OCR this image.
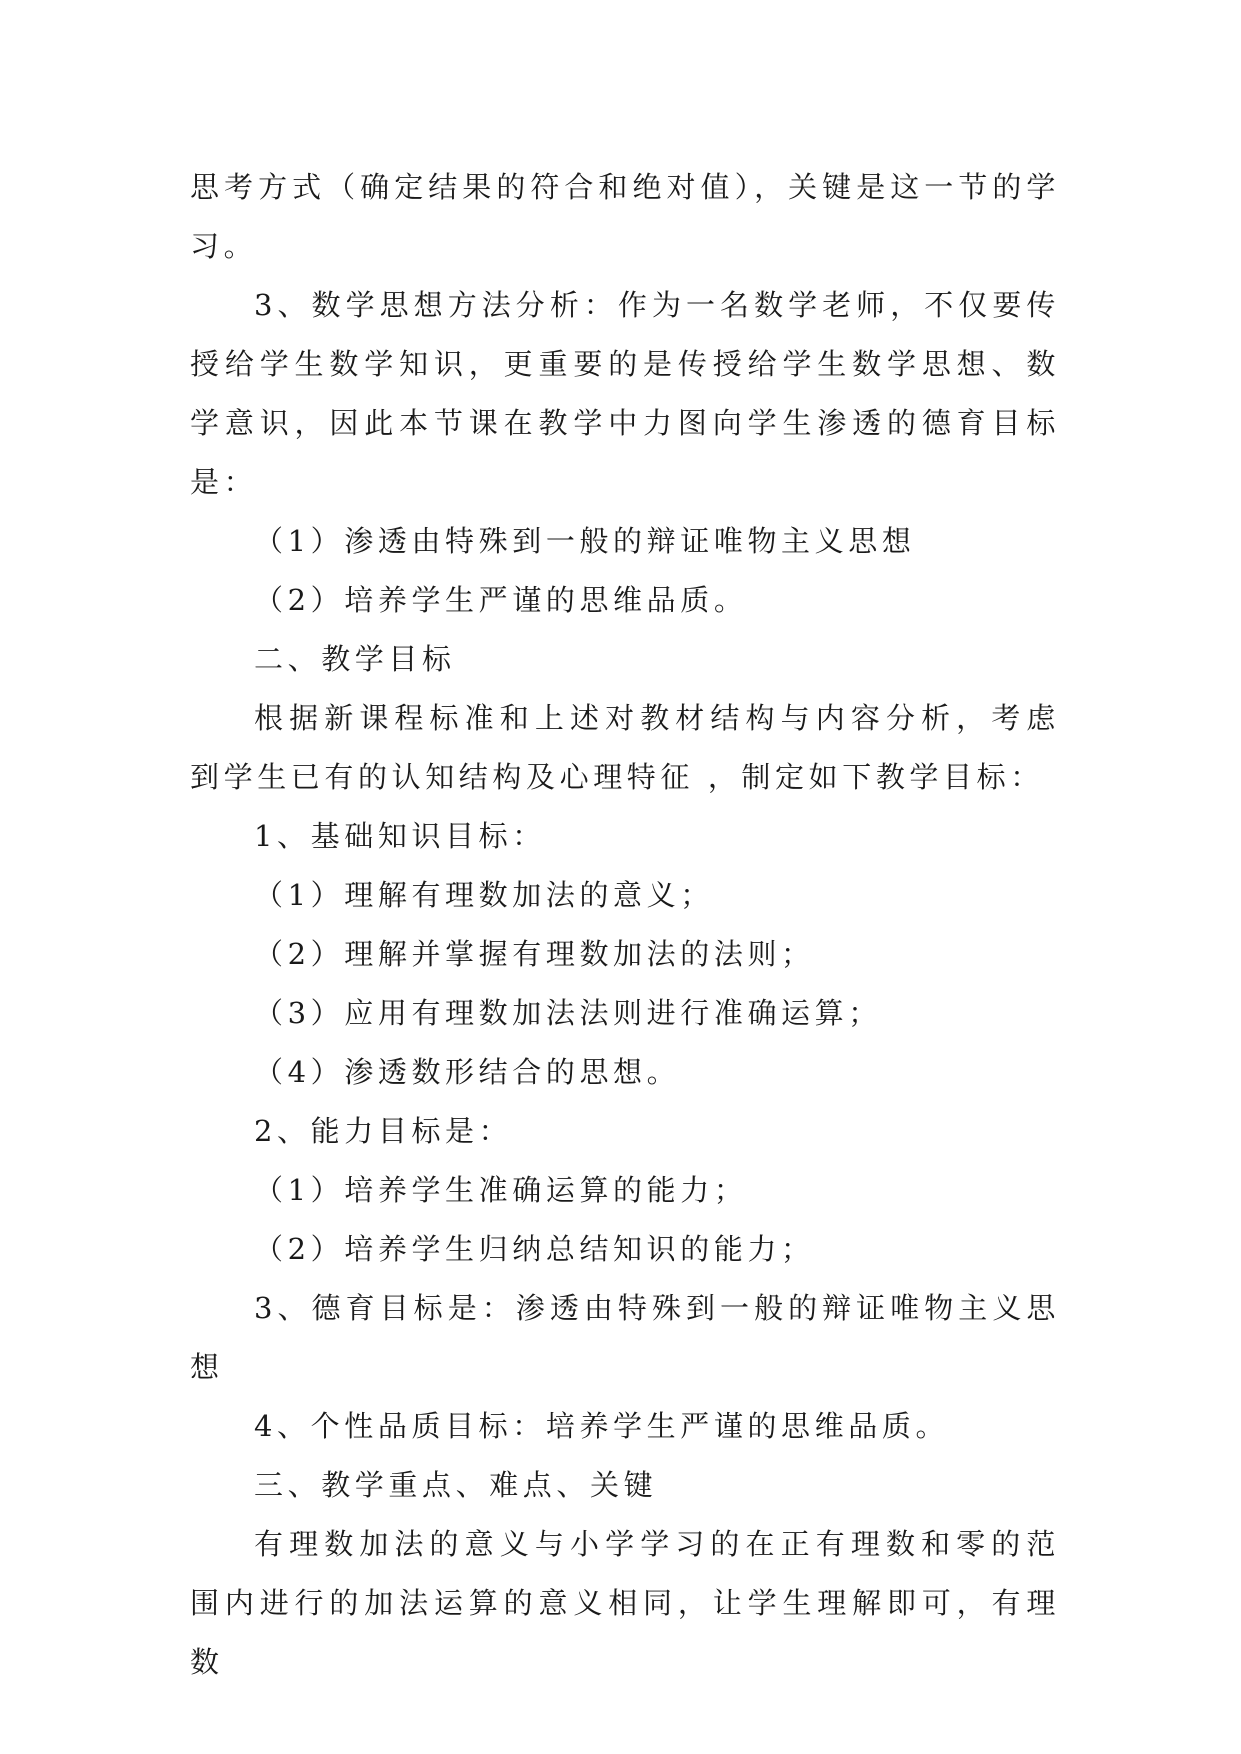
思考方式（确定结果的符合和绝对值），关键是这一节的学习。

3、数学思想方法分析：作为一名数学老师，不仅要传授给学生数学知识，更重要的是传授给学生数学思想、数学意识，因此本节课在教学中力图向学生渗透的德育目标是：

（1）渗透由特殊到一般的辩证唯物主义思想

（2）培养学生严谨的思维品质。

二、教学目标

根据新课程标准和上述对教材结构与内容分析，考虑到学生已有的认知结构及心理特征 ，制定如下教学目标：

1、基础知识目标：

（1）理解有理数加法的意义；

（2）理解并掌握有理数加法的法则；

（3）应用有理数加法法则进行准确运算；

（4）渗透数形结合的思想。

2、能力目标是：

（1）培养学生准确运算的能力；

（2）培养学生归纳总结知识的能力；

3、德育目标是：渗透由特殊到一般的辩证唯物主义思想

4、个性品质目标：培养学生严谨的思维品质。

三、教学重点、难点、关键

有理数加法的意义与小学学习的在正有理数和零的范围内进行的加法运算的意义相同，让学生理解即可，有理数
